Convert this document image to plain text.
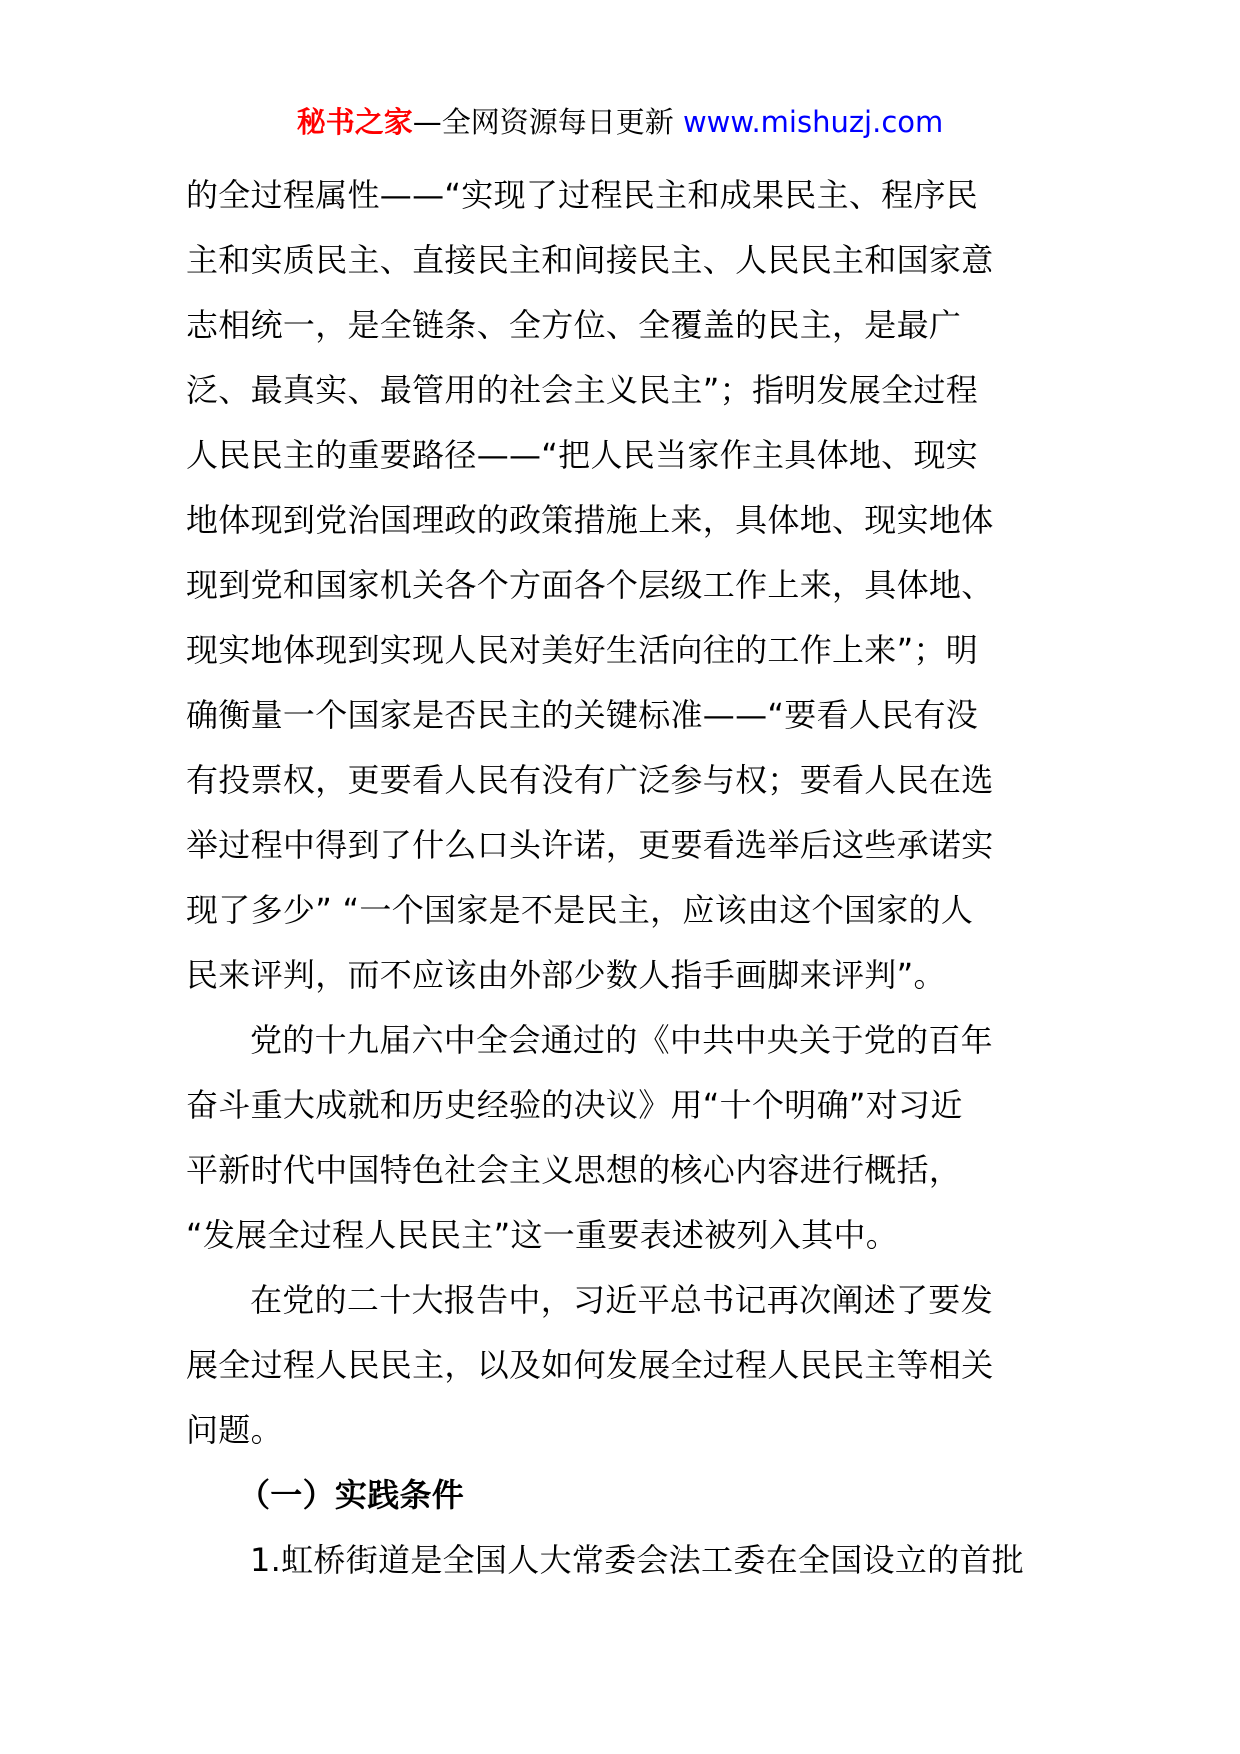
秘书之家—全网资源每日更新 www.mishuzj.com
的全过程属性——“实现了过程民主和成果民主、程序民
主和实质民主、直接民主和间接民主、人民民主和国家意
志相统一，是全链条、全方位、全覆盖的民主，是最广
泛、最真实、最管用的社会主义民主”；指明发展全过程
人民民主的重要路径——“把人民当家作主具体地、现实
地体现到党治国理政的政策措施上来，具体地、现实地体
现到党和国家机关各个方面各个层级工作上来，具体地、
现实地体现到实现人民对美好生活向往的工作上来”；明
确衡量一个国家是否民主的关键标准——“要看人民有没
有投票权，更要看人民有没有广泛参与权；要看人民在选
举过程中得到了什么口头许诺，更要看选举后这些承诺实
现了多少” “一个国家是不是民主，应该由这个国家的人
民来评判，而不应该由外部少数人指手画脚来评判”。
党的十九届六中全会通过的《中共中央关于党的百年
奋斗重大成就和历史经验的决议》用“十个明确”对习近
平新时代中国特色社会主义思想的核心内容进行概括，
“发展全过程人民民主”这一重要表述被列入其中。
在党的二十大报告中，习近平总书记再次阐述了要发
展全过程人民民主，以及如何发展全过程人民民主等相关
问题。
（一）实践条件
1.虹桥街道是全国人大常委会法工委在全国设立的首批
